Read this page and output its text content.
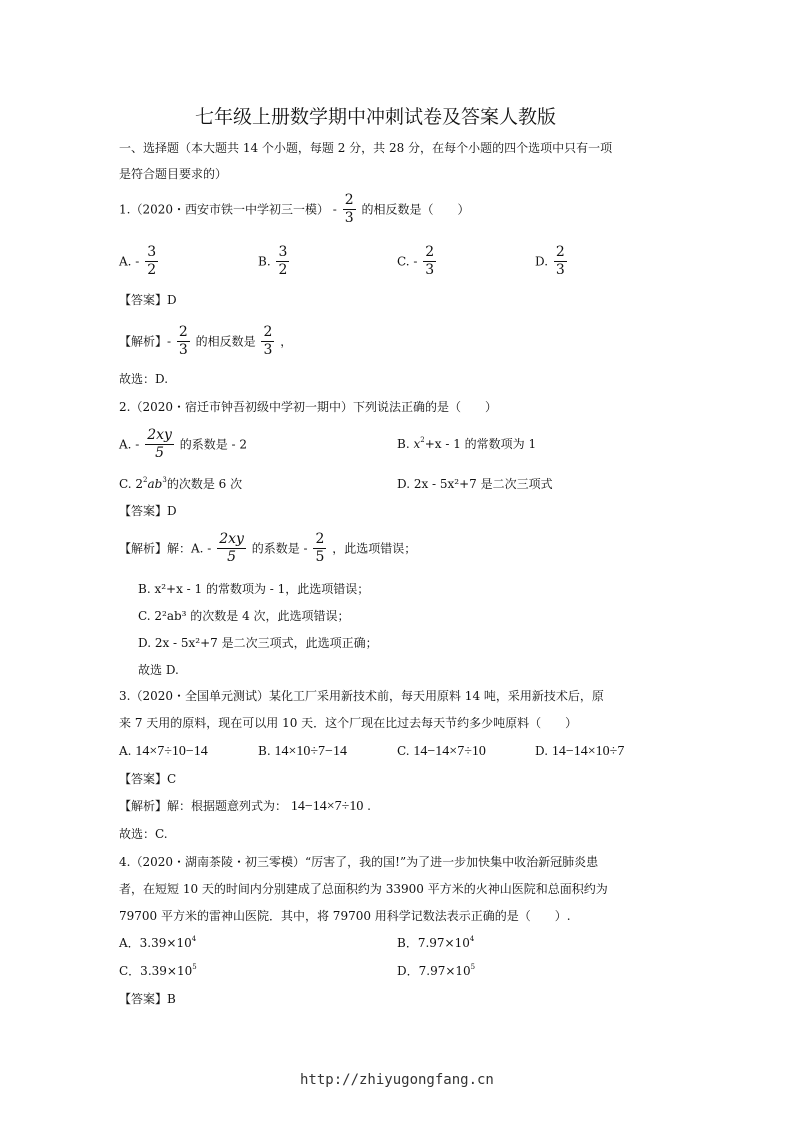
七年级上册数学期中冲刺试卷及答案人教版
一、选择题（本大题共 14 个小题，每题 2 分，共 28 分，在每个小题的四个选项中只有一项
是符合题目要求的）
1.（2020・西安市铁一中学初三一模） - $\frac{2}{3}$ 的相反数是（　　）
A. - $\frac{3}{2}$	B. $\frac{3}{2}$	C. - $\frac{2}{3}$	D. $\frac{2}{3}$
【答案】D
【解析】- $\frac{2}{3}$ 的相反数是 $\frac{2}{3}$ ，
故选：D.
2.（2020・宿迁市钟吾初级中学初一期中）下列说法正确的是（　　）
A. - $\frac{2xy}{5}$ 的系数是 - 2	B. $x^2+x - 1$ 的常数项为 1
C. $2^2ab^3$的次数是 6 次	D. 2x - 5x²+7 是二次三项式
【答案】D
【解析】解：A. - $\frac{2xy}{5}$ 的系数是 - $\frac{2}{5}$ ，此选项错误；
B. x²+x - 1 的常数项为 - 1，此选项错误；
C. 2²ab³ 的次数是 4 次，此选项错误；
D. 2x - 5x²+7 是二次三项式，此选项正确；
故选 D.
3.（2020・全国单元测试）某化工厂采用新技术前，每天用原料 14 吨，采用新技术后，原
来 7 天用的原料，现在可以用 10 天．这个厂现在比过去每天节约多少吨原料（　　）
A. 14×7÷10−14	B. 14×10÷7−14	C. 14−14×7÷10	D. 14−14×10÷7
【答案】C
【解析】解：根据题意列式为： 14−14×7÷10 .
故选：C.
4.（2020・湖南茶陵・初三零模）“厉害了，我的国!”为了进一步加快集中收治新冠肺炎患
者，在短短 10 天的时间内分别建成了总面积约为 33900 平方米的火神山医院和总面积约为
79700 平方米的雷神山医院．其中，将 79700 用科学记数法表示正确的是（　　）.
A．$3.39\times 10^4$	B．$7.97\times 10^4$
C．$3.39\times 10^5$	D．$7.97\times 10^5$
【答案】B
http://zhiyugongfang.cn
